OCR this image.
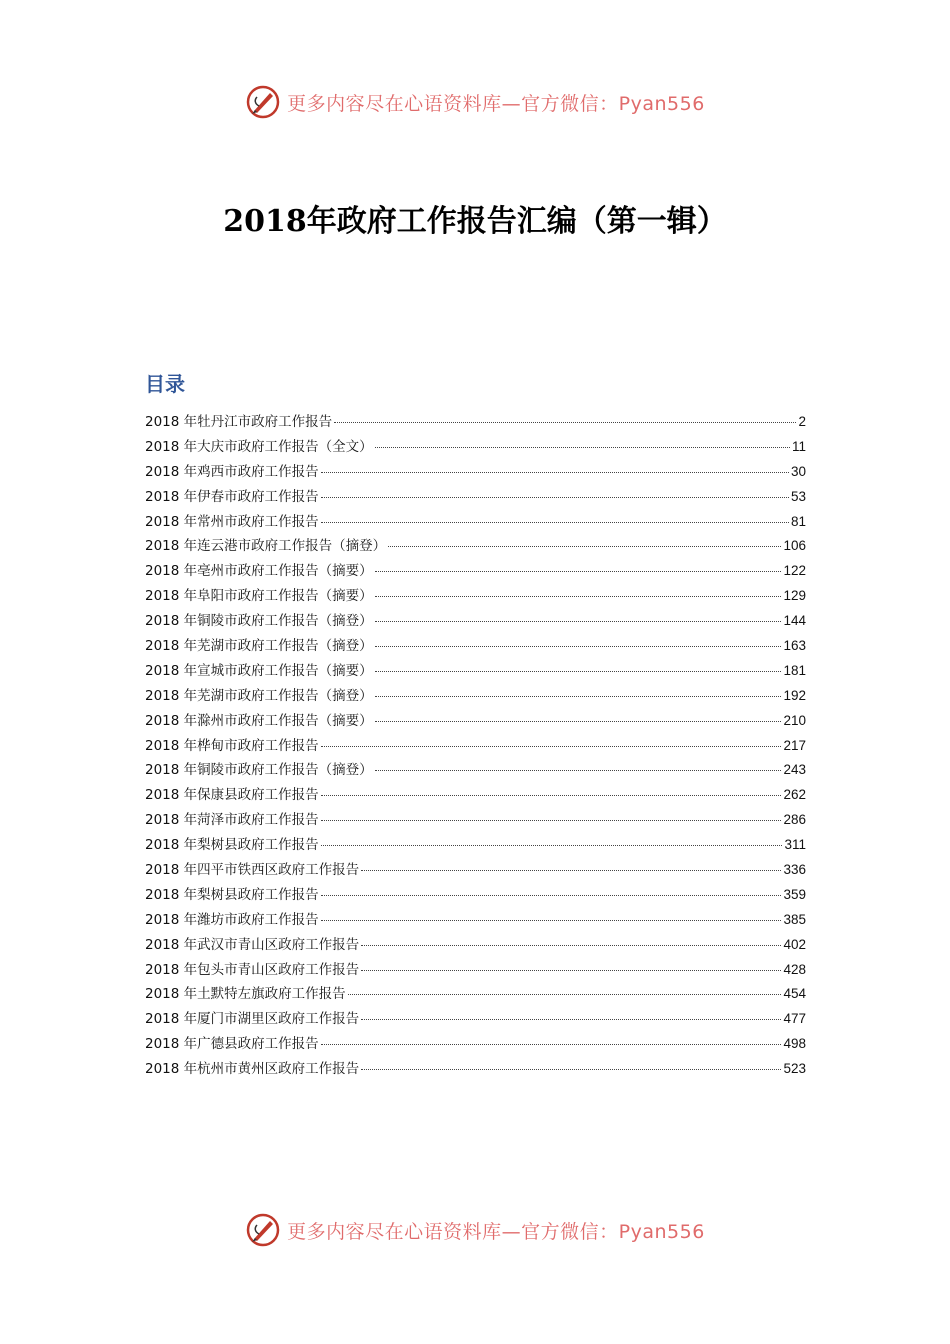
更多内容尽在心语资料库—官方微信：Pyan556
2018年政府工作报告汇编（第一辑）
目录
2018 年牡丹江市政府工作报告	2
2018 年大庆市政府工作报告（全文）	11
2018 年鸡西市政府工作报告	30
2018 年伊春市政府工作报告	53
2018 年常州市政府工作报告	81
2018 年连云港市政府工作报告（摘登）	106
2018 年亳州市政府工作报告（摘要）	122
2018 年阜阳市政府工作报告（摘要）	129
2018 年铜陵市政府工作报告（摘登）	144
2018 年芜湖市政府工作报告（摘登）	163
2018 年宣城市政府工作报告（摘要）	181
2018 年芜湖市政府工作报告（摘登）	192
2018 年滁州市政府工作报告（摘要）	210
2018 年桦甸市政府工作报告	217
2018 年铜陵市政府工作报告（摘登）	243
2018 年保康县政府工作报告	262
2018 年菏泽市政府工作报告	286
2018 年梨树县政府工作报告	311
2018 年四平市铁西区政府工作报告	336
2018 年梨树县政府工作报告	359
2018 年潍坊市政府工作报告	385
2018 年武汉市青山区政府工作报告	402
2018 年包头市青山区政府工作报告	428
2018 年土默特左旗政府工作报告	454
2018 年厦门市湖里区政府工作报告	477
2018 年广德县政府工作报告	498
2018 年杭州市黄州区政府工作报告	523
更多内容尽在心语资料库—官方微信：Pyan556
